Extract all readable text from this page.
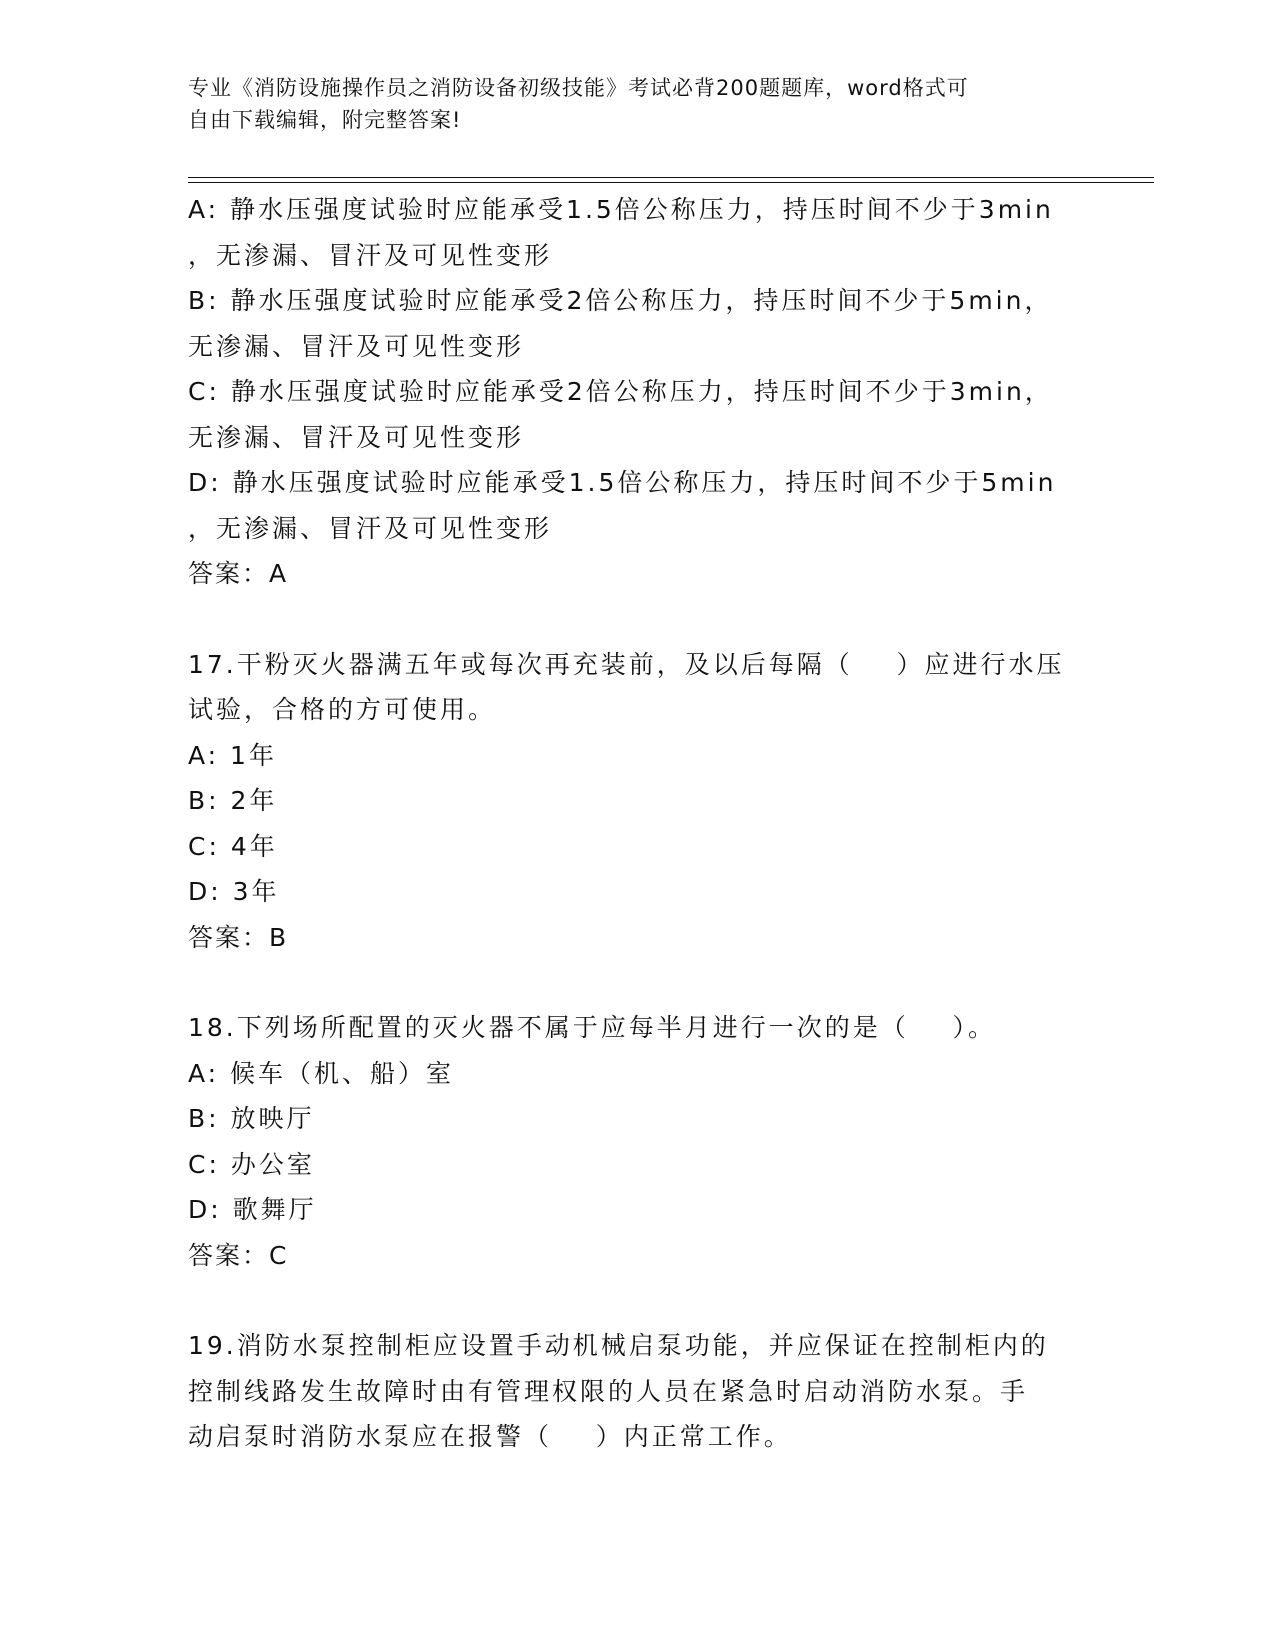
专业《消防设施操作员之消防设备初级技能》考试必背200题题库，word格式可
自由下载编辑，附完整答案!

A: 静水压强度试验时应能承受1.5倍公称压力，持压时间不少于3min

，无渗漏、冒汗及可见性变形

B: 静水压强度试验时应能承受2倍公称压力，持压时间不少于5min，

无渗漏、冒汗及可见性变形

C: 静水压强度试验时应能承受2倍公称压力，持压时间不少于3min，

无渗漏、冒汗及可见性变形

D: 静水压强度试验时应能承受1.5倍公称压力，持压时间不少于5min

，无渗漏、冒汗及可见性变形

答案：A

17.干粉灭火器满五年或每次再充装前，及以后每隔（    ）应进行水压

试验，合格的方可使用。

A: 1年

B: 2年

C: 4年

D: 3年

答案：B

18.下列场所配置的灭火器不属于应每半月进行一次的是（    ）。

A: 候车（机、船）室

B: 放映厅

C: 办公室

D: 歌舞厅

答案：C

19.消防水泵控制柜应设置手动机械启泵功能，并应保证在控制柜内的

控制线路发生故障时由有管理权限的人员在紧急时启动消防水泵。手

动启泵时消防水泵应在报警（    ）内正常工作。
